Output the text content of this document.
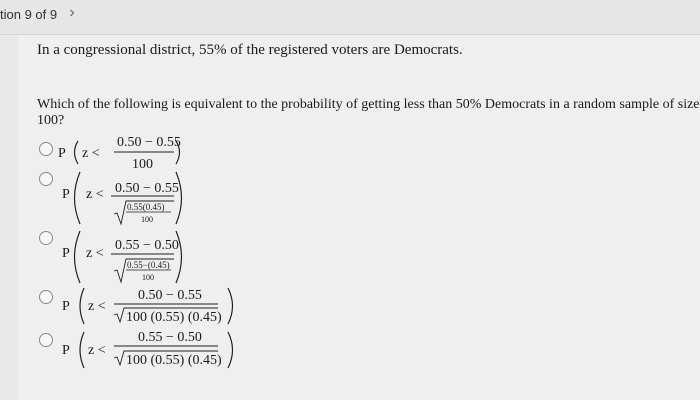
tion 9 of 9 ›
In a congressional district, 55% of the registered voters are Democrats.
Which of the following is equivalent to the probability of getting less than 50% Democrats in a random sample of size 100?
P z <
0.50 − 0.55
100
P z < 0.50 − 0.55
0.55(0.45)
100
P z <
0.55 − 0.50
0.55−(0.45)
100
P z <
0.50 − 0.55
100 (0.55) (0.45)
P z <
0.55 − 0.50
100 (0.55) (0.45)
